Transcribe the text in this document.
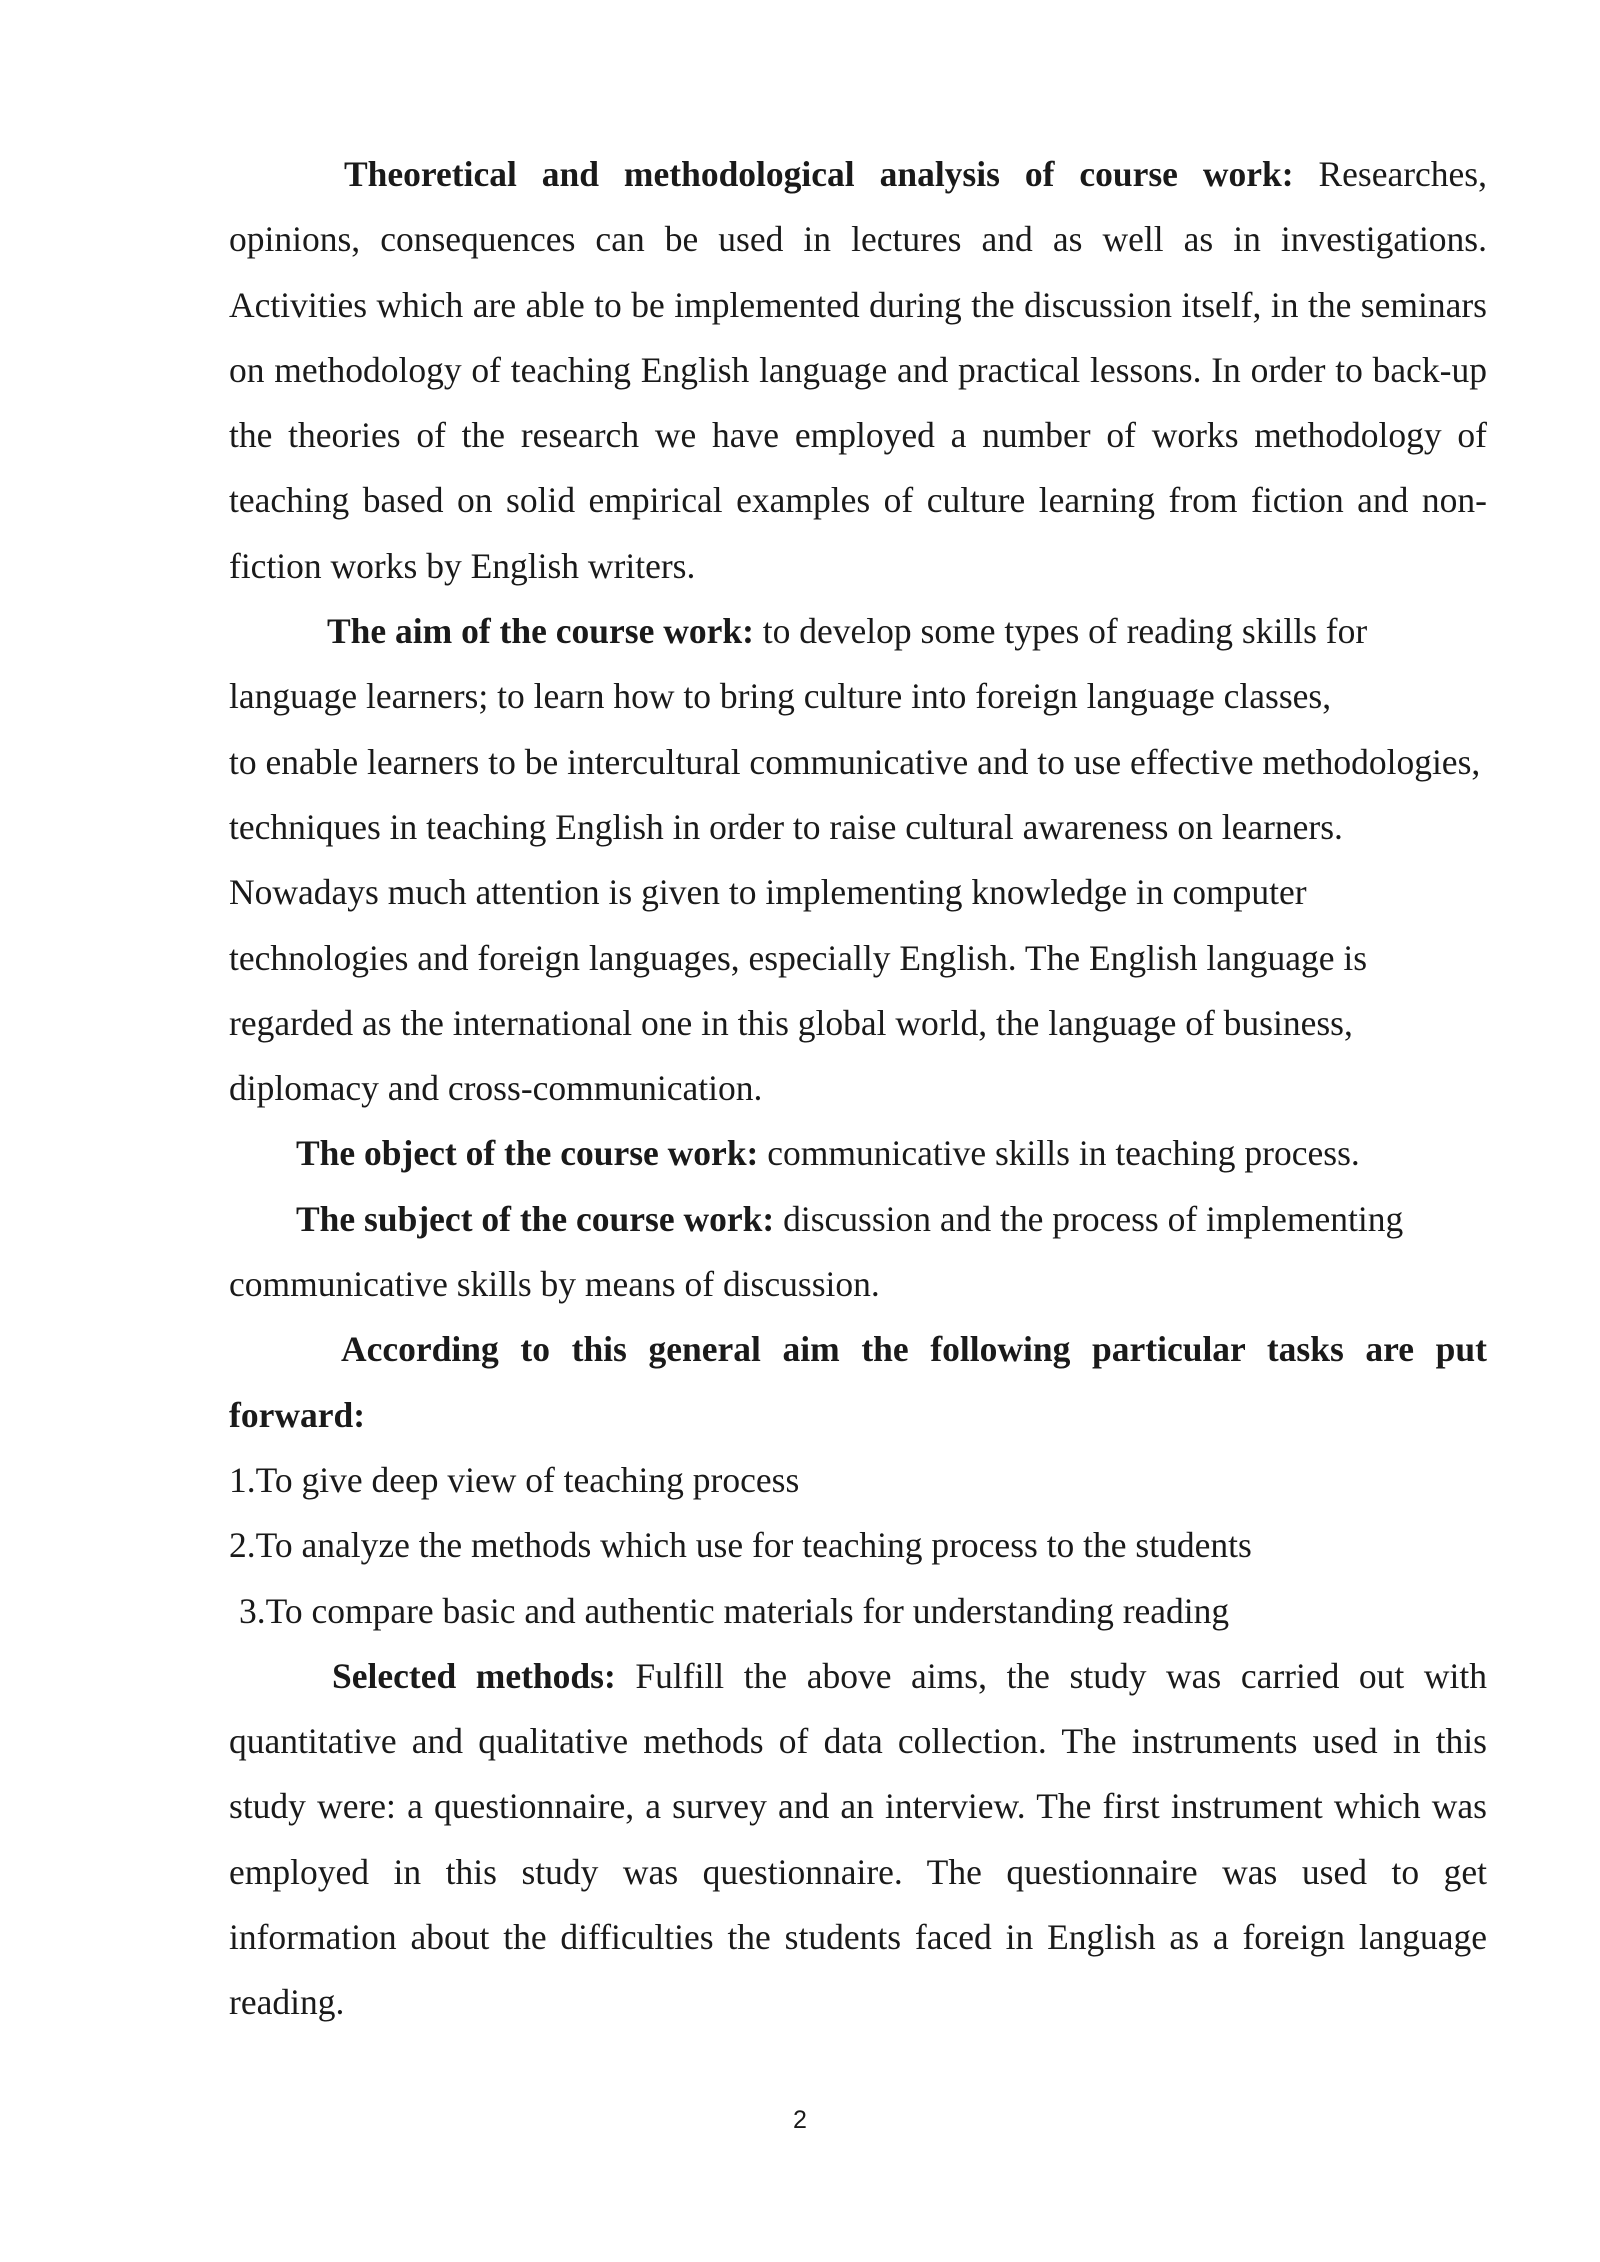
Theoretical and methodological analysis of course work: Researches, opinions, consequences can be used in lectures and as well as in investigations. Activities which are able to be implemented during the discussion itself, in the seminars on methodology of teaching English language and practical lessons. In order to back-up the theories of the research we have employed a number of works methodology of teaching based on solid empirical examples of culture learning from fiction and non-fiction works by English writers.

The aim of the course work: to develop some types of reading skills for language learners; to learn how to bring culture into foreign language classes,

to enable learners to be intercultural communicative and to use effective methodologies, techniques in teaching English in order to raise cultural awareness on learners. Nowadays much attention is given to implementing knowledge in computer technologies and foreign languages, especially English. The English language is regarded as the international one in this global world, the language of business, diplomacy and cross-communication.

The object of the course work: communicative skills in teaching process.

The subject of the course work: discussion and the process of implementing communicative skills by means of discussion.

According to this general aim the following particular tasks are put forward:

1.To give deep view of teaching process

2.To analyze the methods which use for teaching process to the students

3.To compare basic and authentic materials for understanding reading

Selected methods: Fulfill the above aims, the study was carried out with quantitative and qualitative methods of data collection. The instruments used in this study were: a questionnaire, a survey and an interview. The first instrument which was employed in this study was questionnaire. The questionnaire was used to get information about the difficulties the students faced in English as a foreign language reading.

2
